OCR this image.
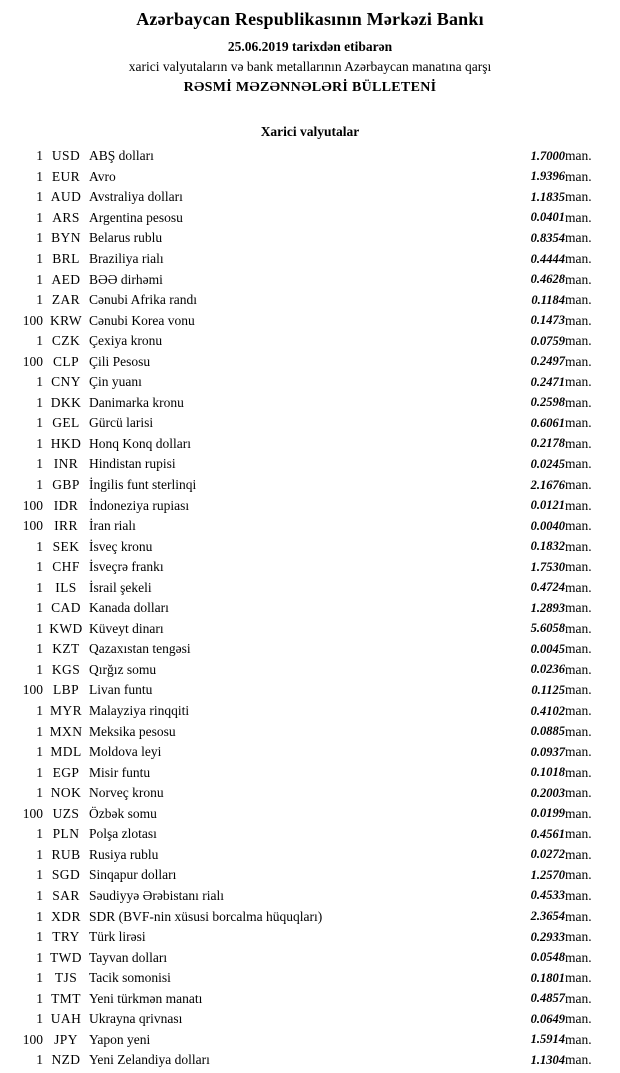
Azərbaycan Respublikasının Mərkəzi Bankı
25.06.2019 tarixdən etibarən
xarici valyutaların və bank metallarının Azərbaycan manatına qarşı
RƏSMİ MƏZƏNNƏLƏRİ BÜLLETENİ
Xarici valyutalar
1	USD	ABŞ dolları	1.7000	man.
1	EUR	Avro	1.9396	man.
1	AUD	Avstraliya dolları	1.1835	man.
1	ARS	Argentina pesosu	0.0401	man.
1	BYN	Belarus rublu	0.8354	man.
1	BRL	Braziliya rialı	0.4444	man.
1	AED	BƏƏ dirhəmi	0.4628	man.
1	ZAR	Cənubi Afrika randı	0.1184	man.
100	KRW	Cənubi Korea vonu	0.1473	man.
1	CZK	Çexiya kronu	0.0759	man.
100	CLP	Çili Pesosu	0.2497	man.
1	CNY	Çin yuanı	0.2471	man.
1	DKK	Danimarka kronu	0.2598	man.
1	GEL	Gürcü larisi	0.6061	man.
1	HKD	Honq Konq dolları	0.2178	man.
1	INR	Hindistan rupisi	0.0245	man.
1	GBP	İngilis funt sterlinqi	2.1676	man.
100	IDR	İndoneziya rupiası	0.0121	man.
100	IRR	İran rialı	0.0040	man.
1	SEK	İsveç kronu	0.1832	man.
1	CHF	İsveçrə frankı	1.7530	man.
1	ILS	İsrail şekeli	0.4724	man.
1	CAD	Kanada dolları	1.2893	man.
1	KWD	Küveyt dinarı	5.6058	man.
1	KZT	Qazaxıstan tengəsi	0.0045	man.
1	KGS	Qırğız somu	0.0236	man.
100	LBP	Livan funtu	0.1125	man.
1	MYR	Malayziya rinqqiti	0.4102	man.
1	MXN	Meksika pesosu	0.0885	man.
1	MDL	Moldova leyi	0.0937	man.
1	EGP	Misir funtu	0.1018	man.
1	NOK	Norveç kronu	0.2003	man.
100	UZS	Özbək somu	0.0199	man.
1	PLN	Polşa zlotası	0.4561	man.
1	RUB	Rusiya rublu	0.0272	man.
1	SGD	Sinqapur dolları	1.2570	man.
1	SAR	Səudiyyə Ərəbistanı rialı	0.4533	man.
1	XDR	SDR (BVF-nin xüsusi borcalma hüquqları)	2.3654	man.
1	TRY	Türk lirəsi	0.2933	man.
1	TWD	Tayvan dolları	0.0548	man.
1	TJS	Tacik somonisi	0.1801	man.
1	TMT	Yeni türkmən manatı	0.4857	man.
1	UAH	Ukrayna qrivnası	0.0649	man.
100	JPY	Yapon yeni	1.5914	man.
1	NZD	Yeni Zelandiya dolları	1.1304	man.
